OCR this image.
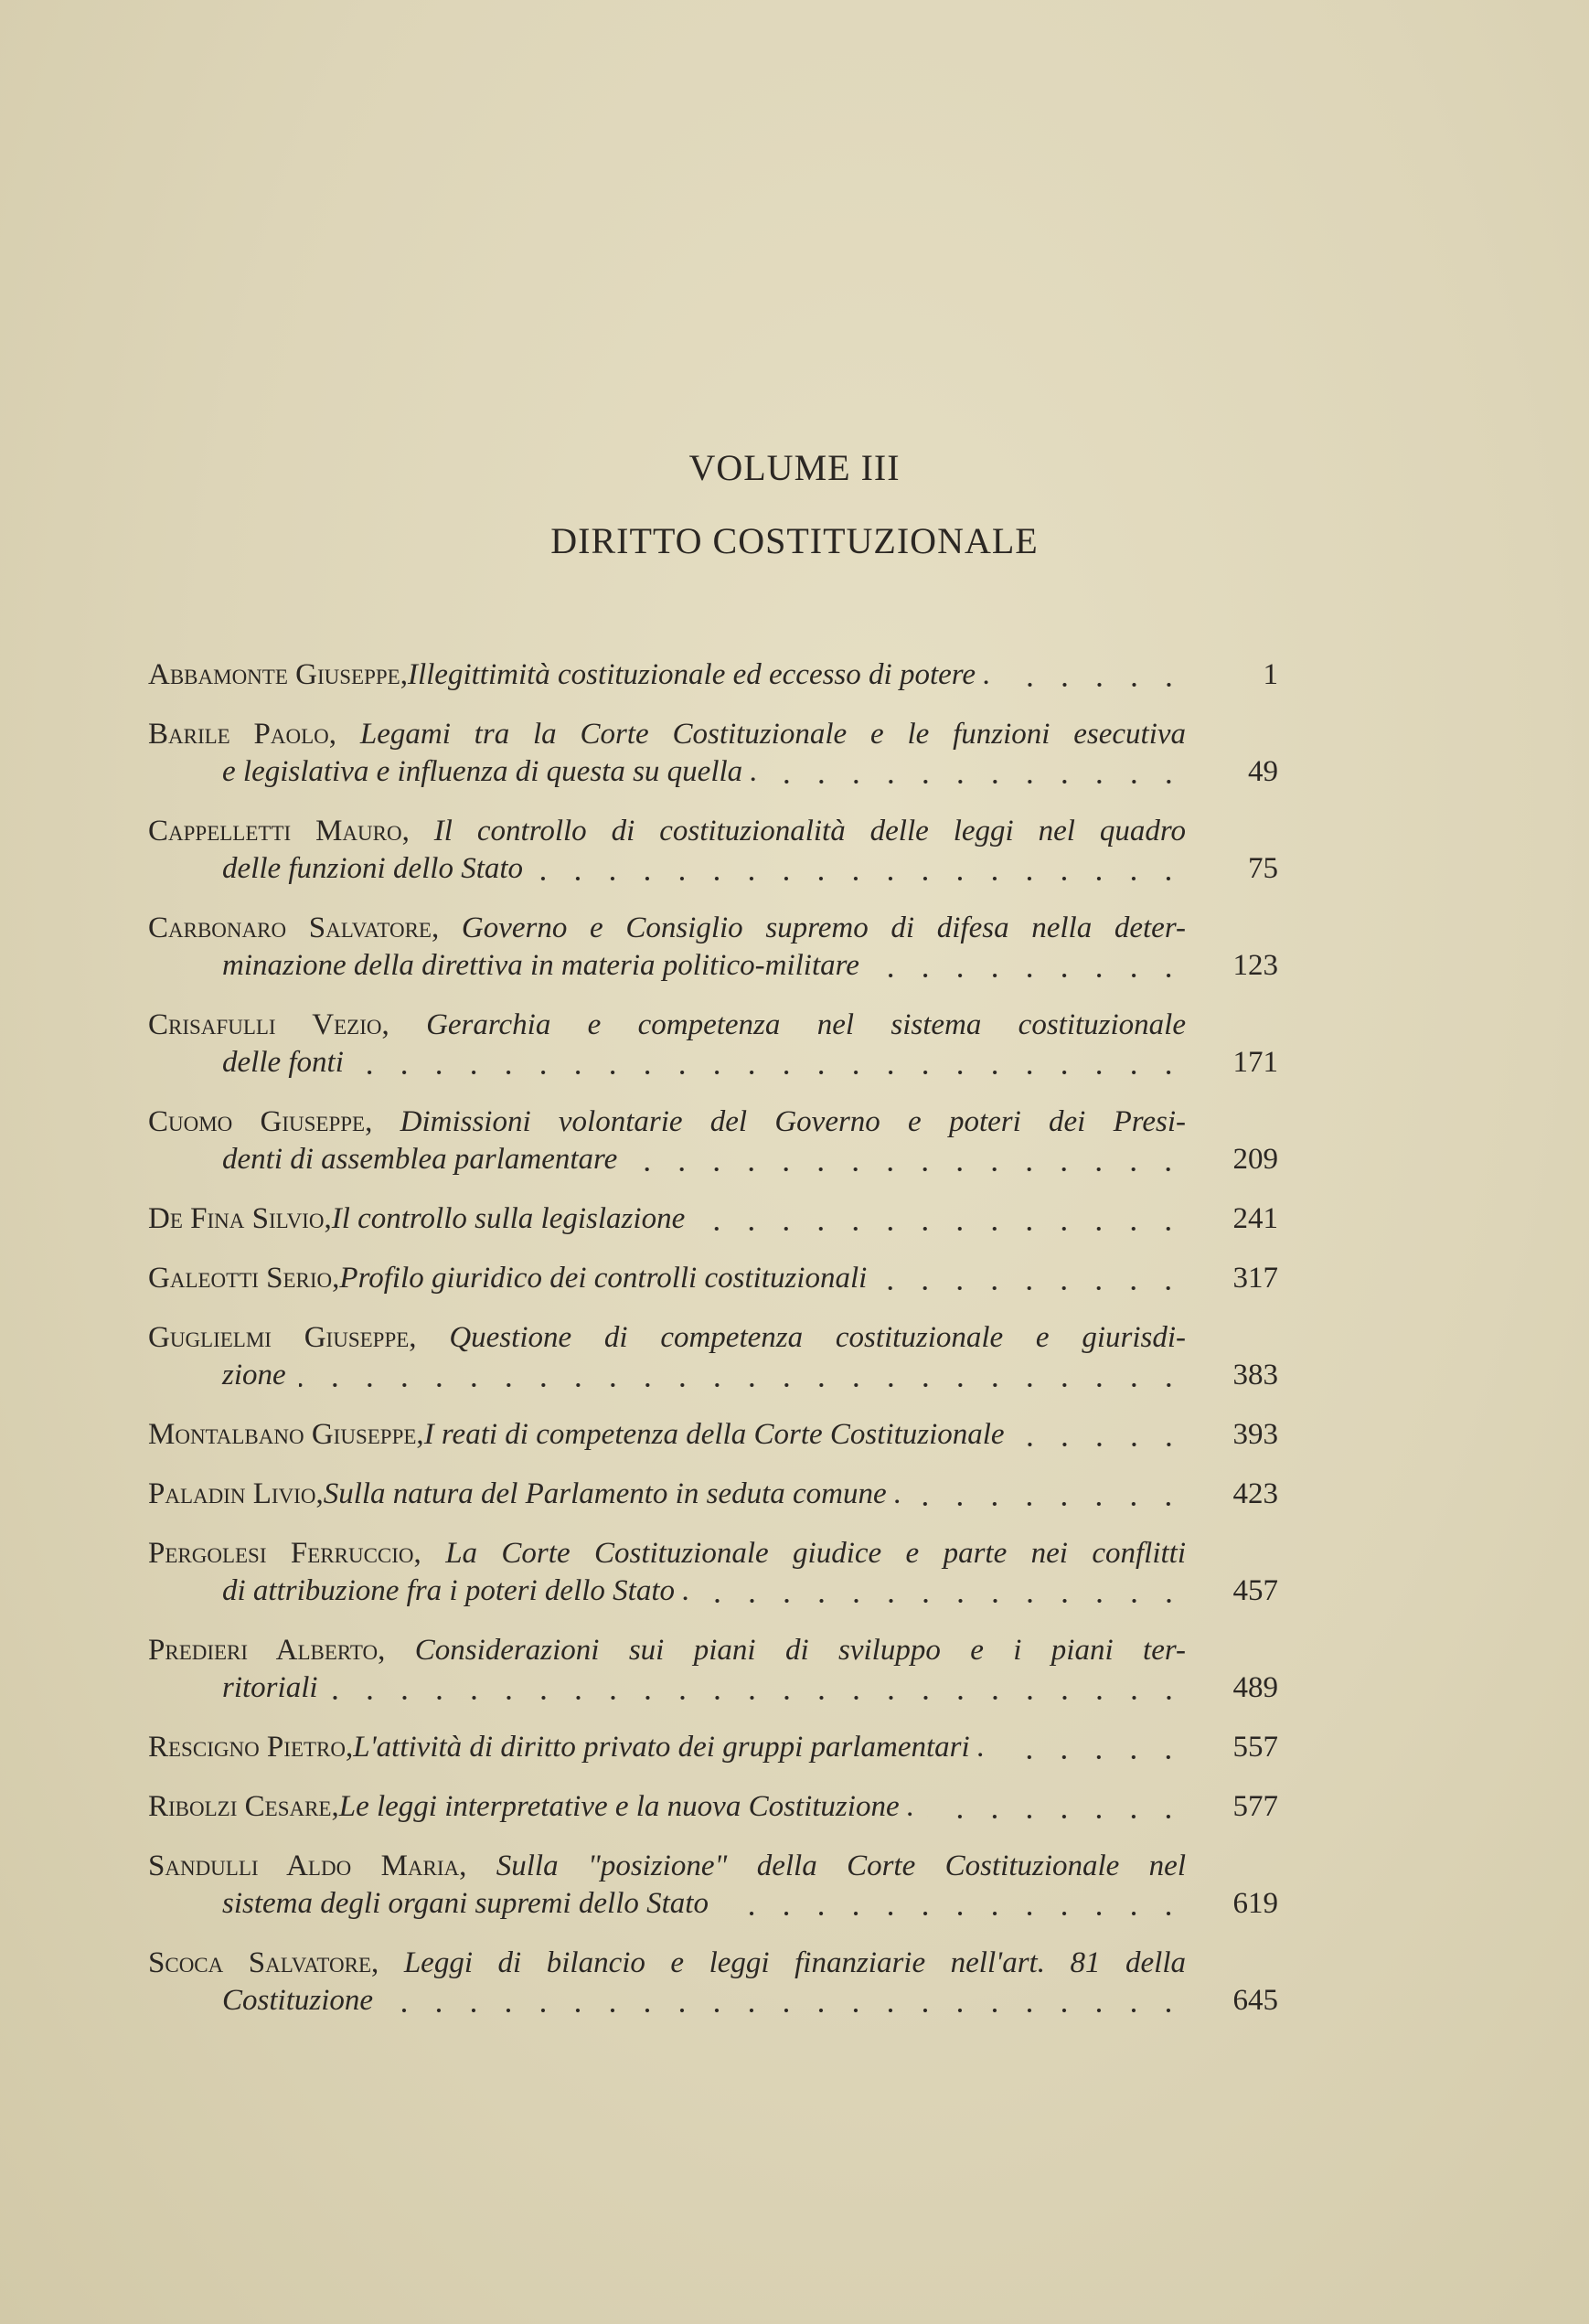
VOLUME III
DIRITTO COSTITUZIONALE
Abbamonte Giuseppe, Illegittimità costituzionale ed eccesso di potere .	1
Barile Paolo, Legami tra la Corte Costituzionale e le funzioni esecutiva
e legislativa e influenza di questa su quella .	49
Cappelletti Mauro, Il controllo di costituzionalità delle leggi nel quadro
delle funzioni dello Stato	75
Carbonaro Salvatore, Governo e Consiglio supremo di difesa nella deter-
minazione della direttiva in materia politico-militare	123
Crisafulli Vezio, Gerarchia e competenza nel sistema costituzionale
delle fonti	171
Cuomo Giuseppe, Dimissioni volontarie del Governo e poteri dei Presi-
denti di assemblea parlamentare	209
De Fina Silvio, Il controllo sulla legislazione	241
Galeotti Serio, Profilo giuridico dei controlli costituzionali	317
Guglielmi Giuseppe, Questione di competenza costituzionale e giurisdi-
zione	383
Montalbano Giuseppe, I reati di competenza della Corte Costituzionale	393
Paladin Livio, Sulla natura del Parlamento in seduta comune .	423
Pergolesi Ferruccio, La Corte Costituzionale giudice e parte nei conflitti
di attribuzione fra i poteri dello Stato .	457
Predieri Alberto, Considerazioni sui piani di sviluppo e i piani ter-
ritoriali	489
Rescigno Pietro, L'attività di diritto privato dei gruppi parlamentari .	557
Ribolzi Cesare, Le leggi interpretative e la nuova Costituzione .	577
Sandulli Aldo Maria, Sulla "posizione" della Corte Costituzionale nel
sistema degli organi supremi dello Stato	619
Scoca Salvatore, Leggi di bilancio e leggi finanziarie nell'art. 81 della
Costituzione	645
